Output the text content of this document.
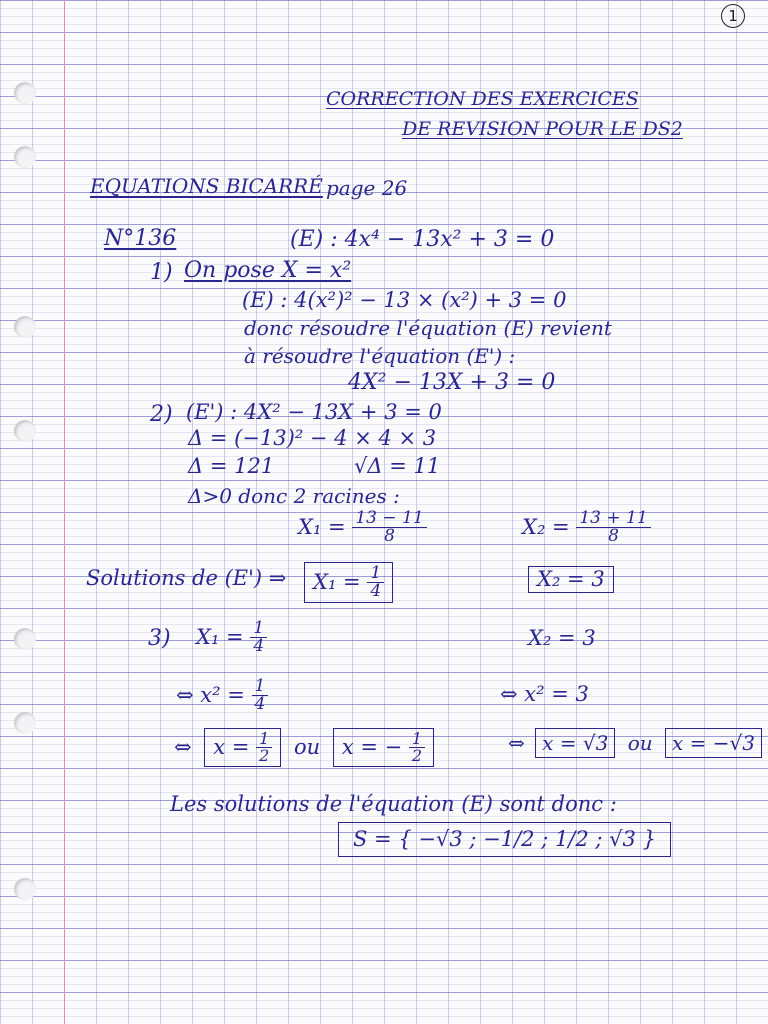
1
CORRECTION DES EXERCICES
DE REVISION POUR LE DS2
EQUATIONS BICARRÉ page 26
N°136	(E) : 4x⁴ − 13x² + 3 = 0
1) On pose X = x²
(E) : 4(x²)² − 13 × (x²) + 3 = 0
donc résoudre l'équation (E) revient
à résoudre l'équation (E') :
4X² − 13X + 3 = 0
2) (E') : 4X² − 13X + 3 = 0
Δ = (−13)² − 4 × 4 × 3
Δ = 121	√Δ = 11
Δ>0 donc 2 racines :
$X_1 = \frac{13 - 11}{8}$	$X_2 = \frac{13 + 11}{8}$
Solutions de (E') ⇒	$X_1 = \frac{1}{4}$	X₂ = 3
3) $X_1 = \frac{1}{4}$	X₂ = 3
⇔ $x^2 = \frac{1}{4}$	⇔ x² = 3
⇔ $x = \frac{1}{2}$ ou x = − $\frac{1}{2}$	⇔ x = √3 ou x = −√3
Les solutions de l'équation (E) sont donc :
S = { −√3 ; −1/2 ; 1/2 ; √3 }
